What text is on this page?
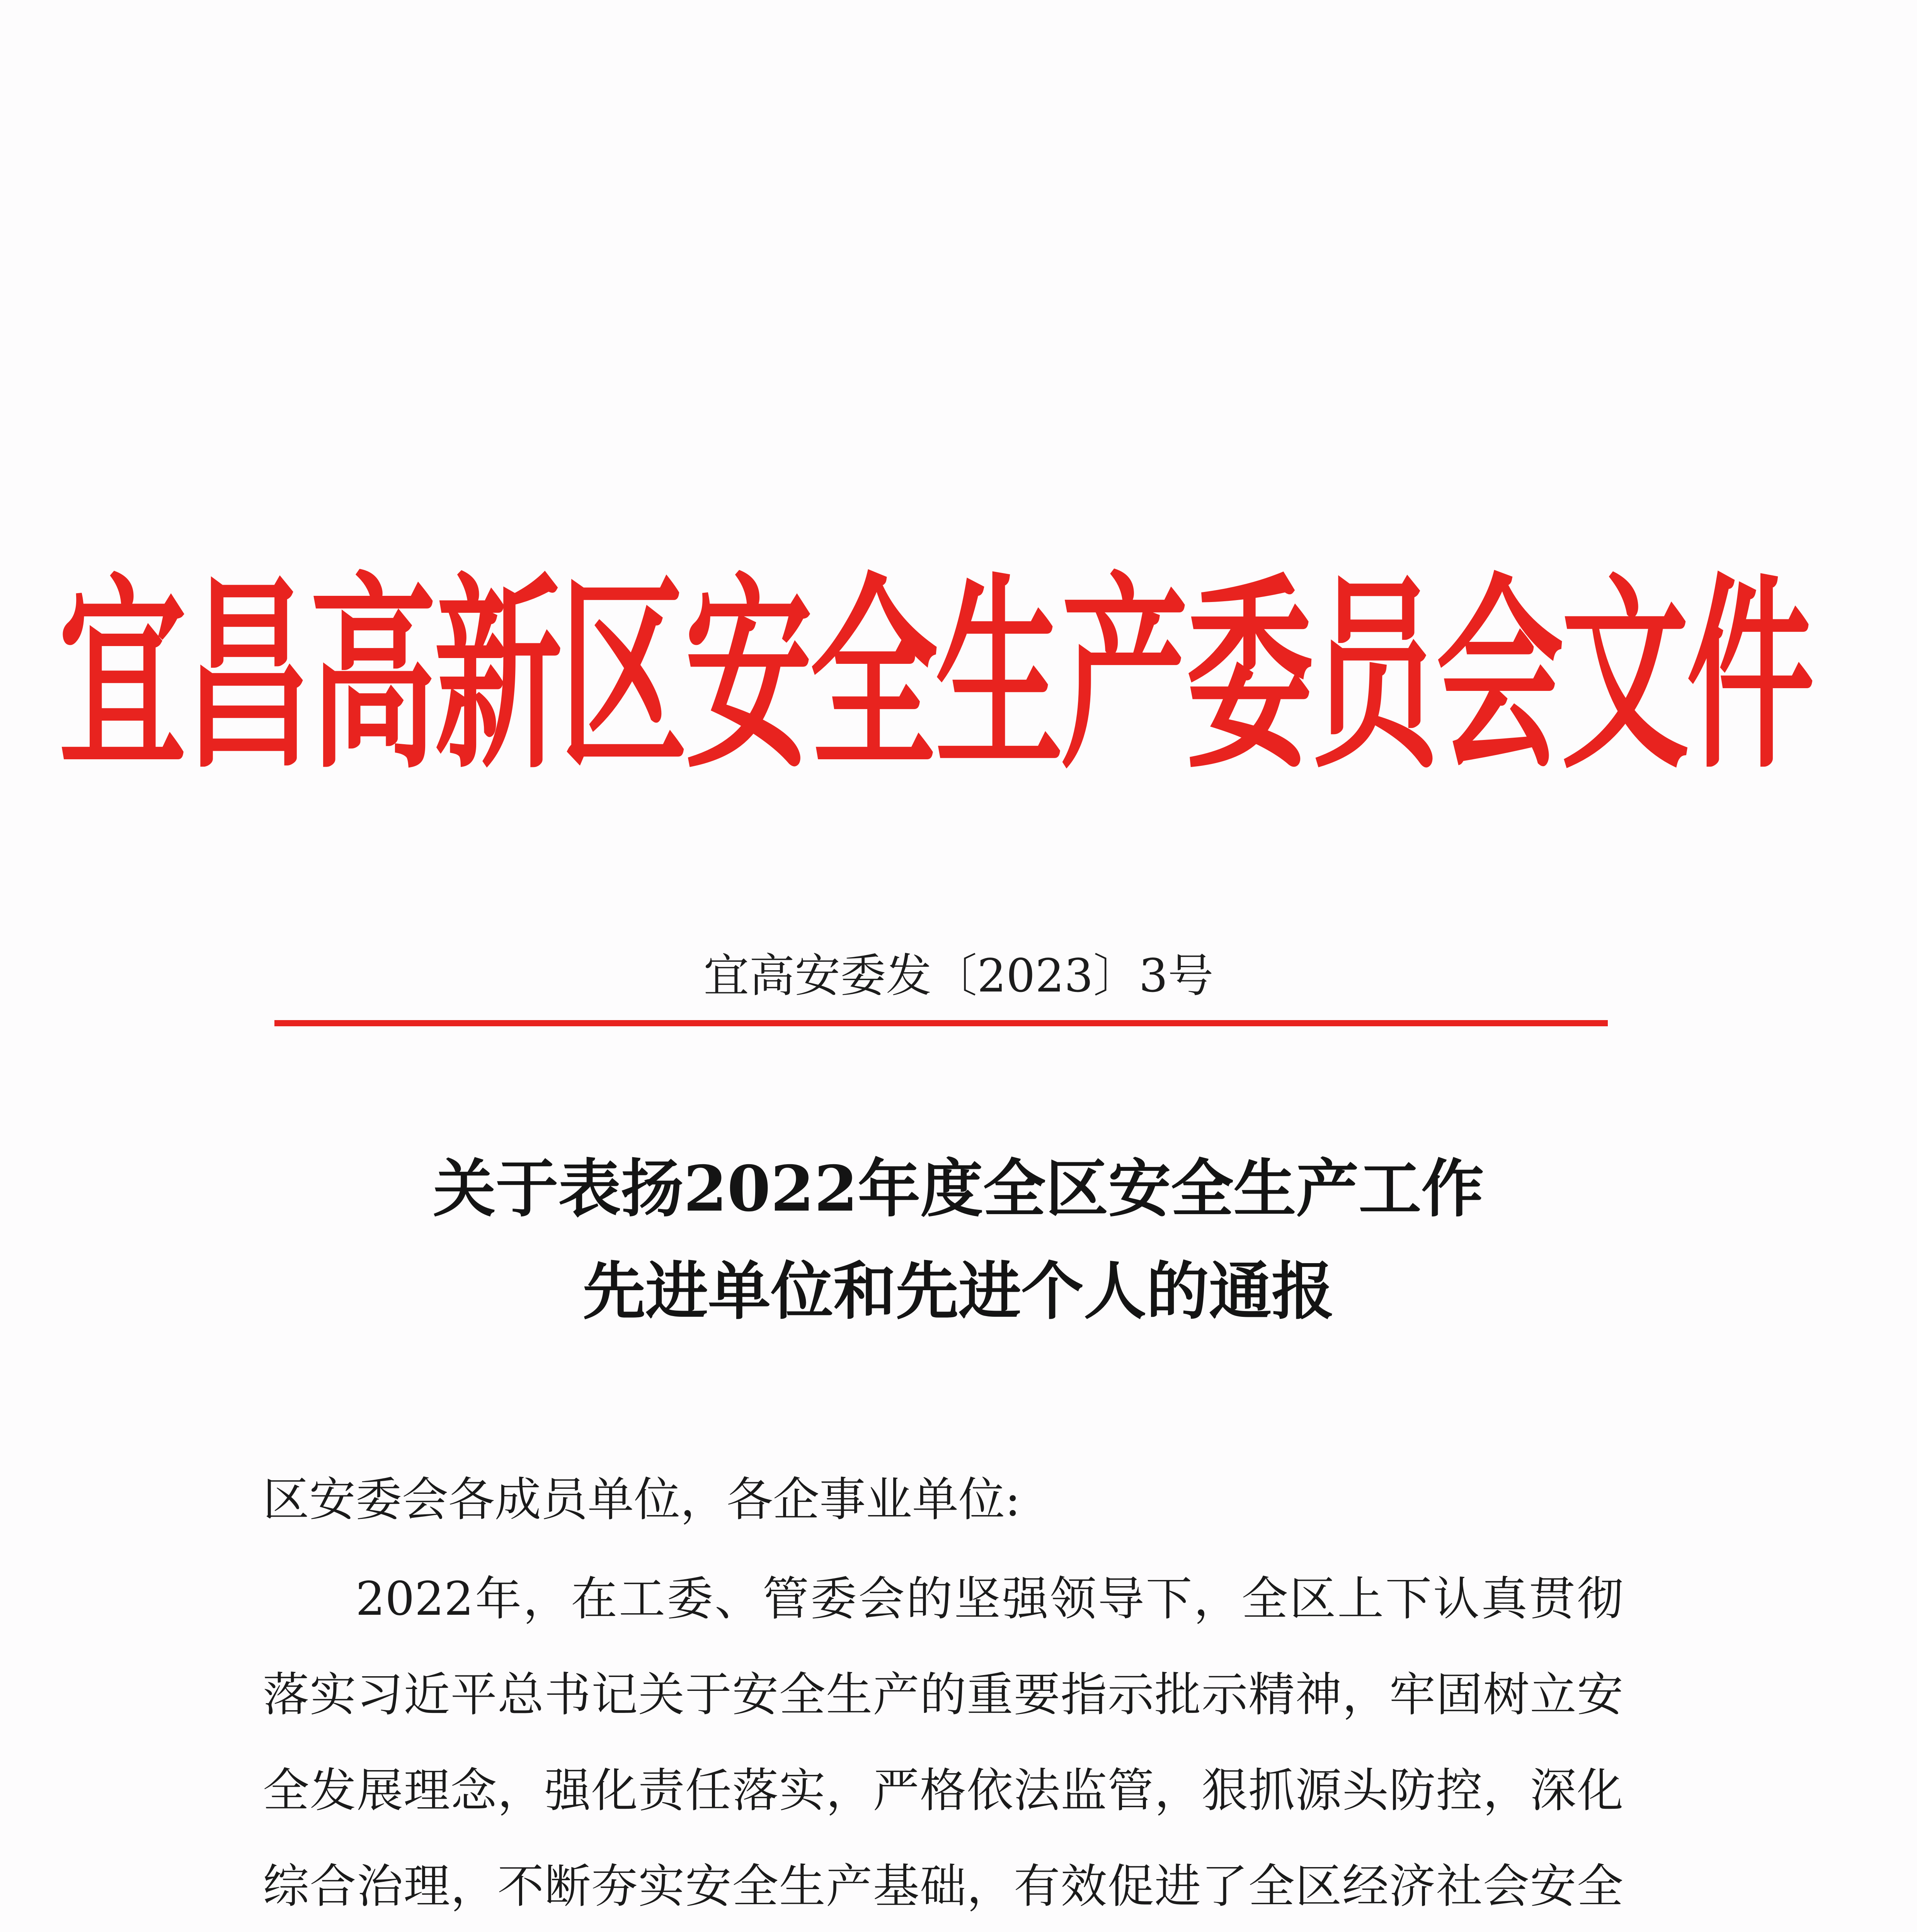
宜昌高新区安全生产委员会文件
宜高安委发〔2023〕3号
关于表扬2022年度全区安全生产工作
先进单位和先进个人的通报
区安委会各成员单位，各企事业单位:

2022年，在工委、管委会的坚强领导下，全区上下认真贯彻落实习近平总书记关于安全生产的重要指示批示精神，牢固树立安全发展理念，强化责任落实，严格依法监管，狠抓源头防控，深化综合治理，不断夯实安全生产基础，有效促进了全区经济社会安全
